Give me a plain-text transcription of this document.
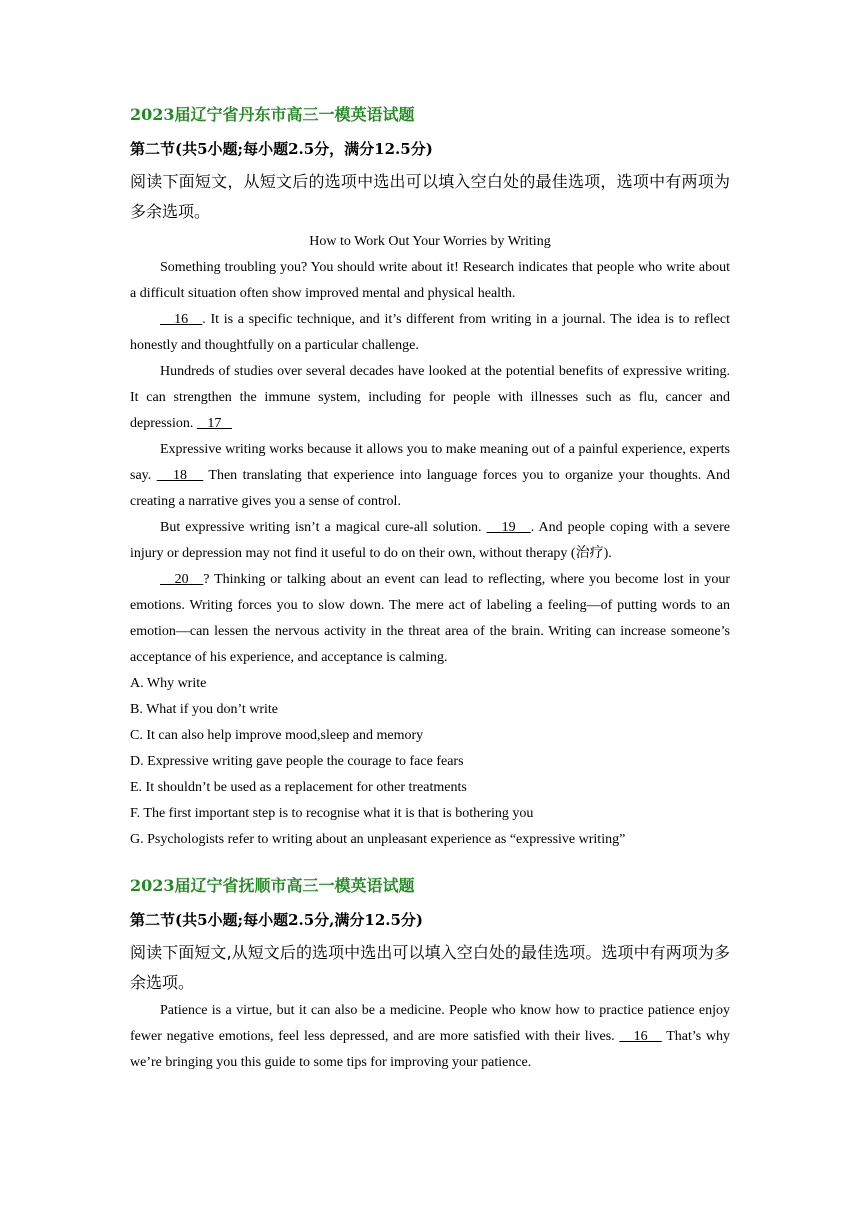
2023届辽宁省丹东市高三一模英语试题

第二节(共5小题;每小题2.5分，满分12.5分)

阅读下面短文，从短文后的选项中选出可以填入空白处的最佳选项，选项中有两项为多余选项。

How to Work Out Your Worries by Writing

Something troubling you? You should write about it! Research indicates that people who write about a difficult situation often show improved mental and physical health.

16 . It is a specific technique, and it’s different from writing in a journal. The idea is to reflect honestly and thoughtfully on a particular challenge.

Hundreds of studies over several decades have looked at the potential benefits of expressive writing. It can strengthen the immune system, including for people with illnesses such as flu, cancer and depression. 17

Expressive writing works because it allows you to make meaning out of a painful experience, experts say. 18 Then translating that experience into language forces you to organize your thoughts. And creating a narrative gives you a sense of control.

But expressive writing isn’t a magical cure-all solution. 19 . And people coping with a severe injury or depression may not find it useful to do on their own, without therapy (治疗).

20 ? Thinking or talking about an event can lead to reflecting, where you become lost in your emotions. Writing forces you to slow down. The mere act of labeling a feeling—of putting words to an emotion—can lessen the nervous activity in the threat area of the brain. Writing can increase someone’s acceptance of his experience, and acceptance is calming.

A. Why write

B. What if you don’t write

C. It can also help improve mood,sleep and memory

D. Expressive writing gave people the courage to face fears

E. It shouldn’t be used as a replacement for other treatments

F. The first important step is to recognise what it is that is bothering you

G. Psychologists refer to writing about an unpleasant experience as “expressive writing”

2023届辽宁省抚顺市高三一模英语试题

第二节(共5小题;每小题2.5分,满分12.5分)

阅读下面短文,从短文后的选项中选出可以填入空白处的最佳选项。选项中有两项为多余选项。

Patience is a virtue, but it can also be a medicine. People who know how to practice patience enjoy fewer negative emotions, feel less depressed, and are more satisfied with their lives. 16 That’s why we’re bringing you this guide to some tips for improving your patience.
